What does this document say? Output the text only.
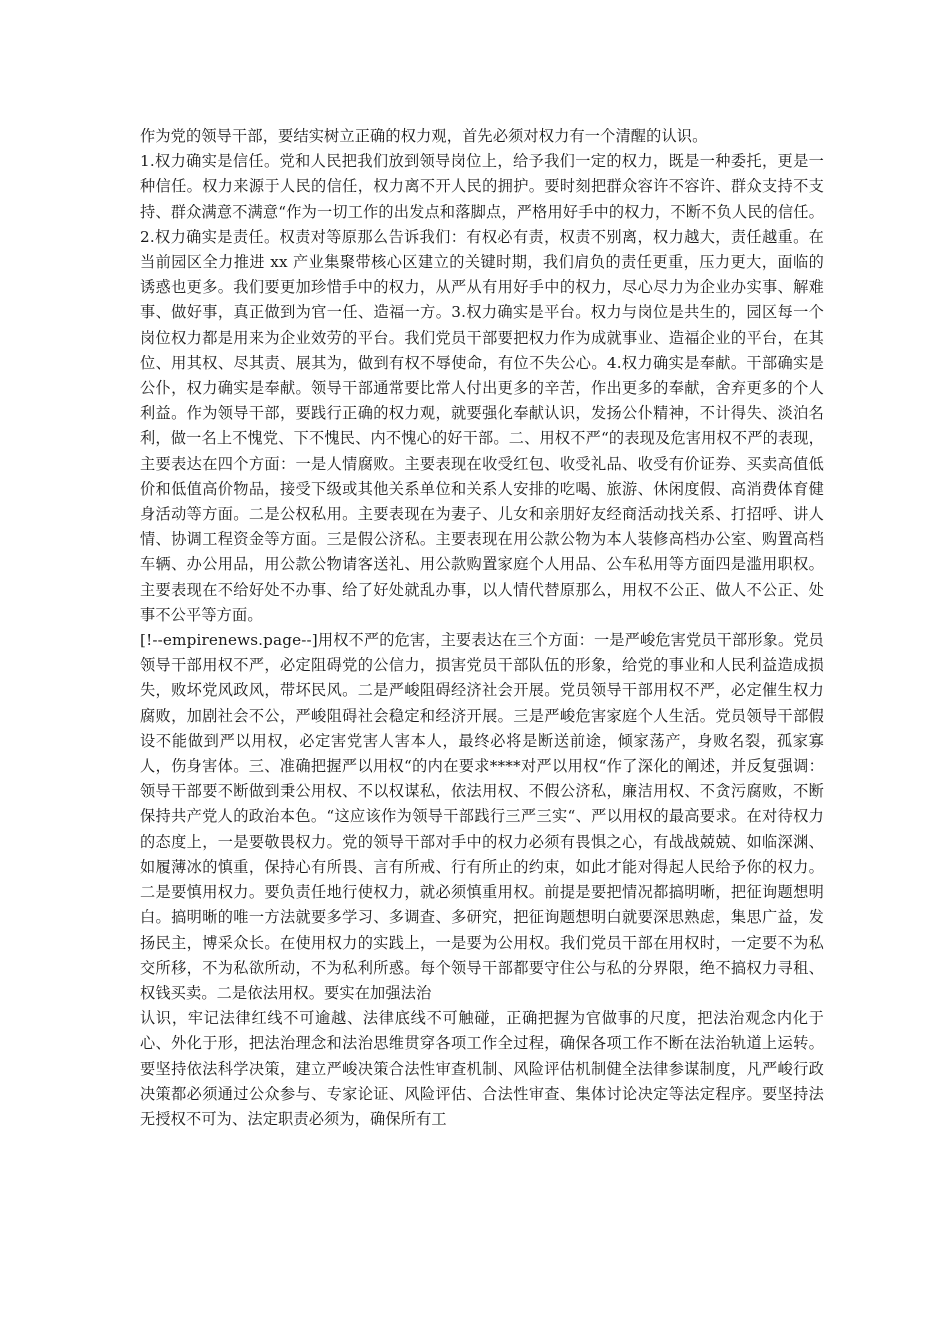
作为党的领导干部，要结实树立正确的权力观，首先必须对权力有一个清醒的认识。

1.权力确实是信任。党和人民把我们放到领导岗位上，给予我们一定的权力，既是一种委托，更是一种信任。权力来源于人民的信任，权力离不开人民的拥护。要时刻把群众容许不容许、群众支持不支持、群众满意不满意“作为一切工作的出发点和落脚点，严格用好手中的权力，不断不负人民的信任。2.权力确实是责任。权责对等原那么告诉我们：有权必有责，权责不别离，权力越大，责任越重。在当前园区全力推进 xx 产业集聚带核心区建立的关键时期，我们肩负的责任更重，压力更大，面临的诱惑也更多。我们要更加珍惜手中的权力，从严从有用好手中的权力，尽心尽力为企业办实事、解难事、做好事，真正做到为官一任、造福一方。3.权力确实是平台。权力与岗位是共生的，园区每一个岗位权力都是用来为企业效劳的平台。我们党员干部要把权力作为成就事业、造福企业的平台，在其位、用其权、尽其责、展其为，做到有权不辱使命，有位不失公心。4.权力确实是奉献。干部确实是公仆，权力确实是奉献。领导干部通常要比常人付出更多的辛苦，作出更多的奉献，舍弃更多的个人利益。作为领导干部，要践行正确的权力观，就要强化奉献认识，发扬公仆精神，不计得失、淡泊名利，做一名上不愧党、下不愧民、内不愧心的好干部。二、用权不严“的表现及危害用权不严的表现，主要表达在四个方面：一是人情腐败。主要表现在收受红包、收受礼品、收受有价证券、买卖高值低价和低值高价物品，接受下级或其他关系单位和关系人安排的吃喝、旅游、休闲度假、高消费体育健身活动等方面。二是公权私用。主要表现在为妻子、儿女和亲朋好友经商活动找关系、打招呼、讲人情、协调工程资金等方面。三是假公济私。主要表现在用公款公物为本人装修高档办公室、购置高档车辆、办公用品，用公款公物请客送礼、用公款购置家庭个人用品、公车私用等方面四是滥用职权。主要表现在不给好处不办事、给了好处就乱办事，以人情代替原那么，用权不公正、做人不公正、处事不公平等方面。

[!--empirenews.page--]用权不严的危害，主要表达在三个方面：一是严峻危害党员干部形象。党员领导干部用权不严，必定阻碍党的公信力，损害党员干部队伍的形象，给党的事业和人民利益造成损失，败坏党风政风，带坏民风。二是严峻阻碍经济社会开展。党员领导干部用权不严，必定催生权力腐败，加剧社会不公，严峻阻碍社会稳定和经济开展。三是严峻危害家庭个人生活。党员领导干部假设不能做到严以用权，必定害党害人害本人，最终必将是断送前途，倾家荡产，身败名裂，孤家寡人，伤身害体。三、准确把握严以用权“的内在要求****对严以用权“作了深化的阐述，并反复强调：领导干部要不断做到秉公用权、不以权谋私，依法用权、不假公济私，廉洁用权、不贪污腐败，不断保持共产党人的政治本色。“这应该作为领导干部践行三严三实“、严以用权的最高要求。在对待权力的态度上，一是要敬畏权力。党的领导干部对手中的权力必须有畏惧之心，有战战兢兢、如临深渊、如履薄冰的慎重，保持心有所畏、言有所戒、行有所止的约束，如此才能对得起人民给予你的权力。二是要慎用权力。要负责任地行使权力，就必须慎重用权。前提是要把情况都搞明晰，把征询题想明白。搞明晰的唯一方法就要多学习、多调查、多研究，把征询题想明白就要深思熟虑，集思广益，发扬民主，博采众长。在使用权力的实践上，一是要为公用权。我们党员干部在用权时，一定要不为私交所移，不为私欲所动，不为私利所惑。每个领导干部都要守住公与私的分界限，绝不搞权力寻租、权钱买卖。二是依法用权。要实在加强法治

认识，牢记法律红线不可逾越、法律底线不可触碰，正确把握为官做事的尺度，把法治观念内化于心、外化于形，把法治理念和法治思维贯穿各项工作全过程，确保各项工作不断在法治轨道上运转。要坚持依法科学决策，建立严峻决策合法性审查机制、风险评估机制健全法律参谋制度，凡严峻行政决策都必须通过公众参与、专家论证、风险评估、合法性审查、集体讨论决定等法定程序。要坚持法无授权不可为、法定职责必须为，确保所有工
